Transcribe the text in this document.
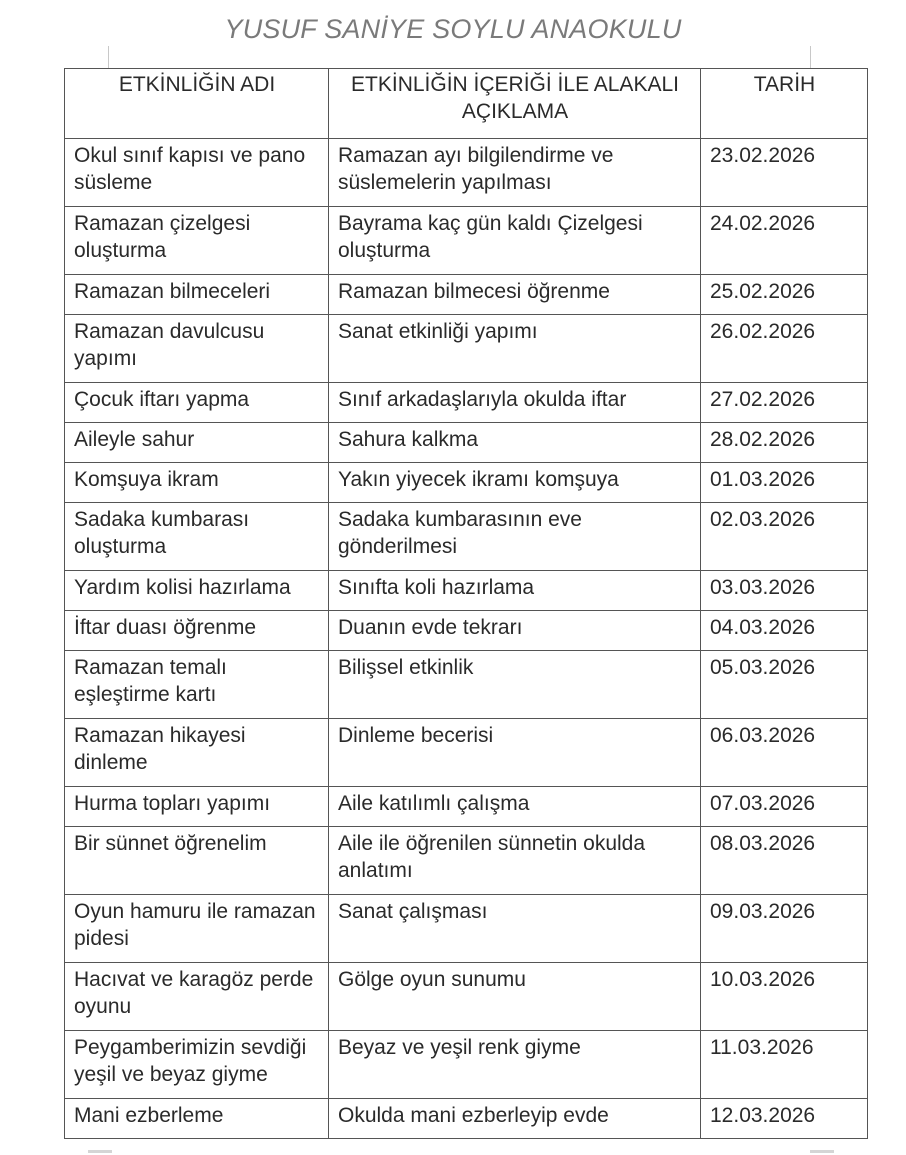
YUSUF SANİYE SOYLU ANAOKULU
ETKİNLİĞİN ADI	ETKİNLİĞİN İÇERİĞİ İLE ALAKALI AÇIKLAMA	TARİH
Okul sınıf kapısı ve pano süsleme	Ramazan ayı bilgilendirme ve süslemelerin yapılması	23.02.2026
Ramazan çizelgesi oluşturma	Bayrama kaç gün kaldı Çizelgesi oluşturma	24.02.2026
Ramazan bilmeceleri	Ramazan bilmecesi öğrenme	25.02.2026
Ramazan davulcusu yapımı	Sanat etkinliği yapımı	26.02.2026
Çocuk iftarı yapma	Sınıf arkadaşlarıyla okulda iftar	27.02.2026
Aileyle sahur	Sahura kalkma	28.02.2026
Komşuya ikram	Yakın yiyecek ikramı komşuya	01.03.2026
Sadaka kumbarası oluşturma	Sadaka kumbarasının eve gönderilmesi	02.03.2026
Yardım kolisi hazırlama	Sınıfta koli hazırlama	03.03.2026
İftar duası öğrenme	Duanın evde tekrarı	04.03.2026
Ramazan temalı eşleştirme kartı	Bilişsel etkinlik	05.03.2026
Ramazan hikayesi dinleme	Dinleme becerisi	06.03.2026
Hurma topları yapımı	Aile katılımlı çalışma	07.03.2026
Bir sünnet öğrenelim	Aile ile öğrenilen sünnetin okulda anlatımı	08.03.2026
Oyun hamuru ile ramazan pidesi	Sanat çalışması	09.03.2026
Hacıvat ve karagöz perde oyunu	Gölge oyun sunumu	10.03.2026
Peygamberimizin sevdiği yeşil ve beyaz giyme	Beyaz ve yeşil renk giyme	11.03.2026
Mani ezberleme	Okulda mani ezberleyip evde	12.03.2026
